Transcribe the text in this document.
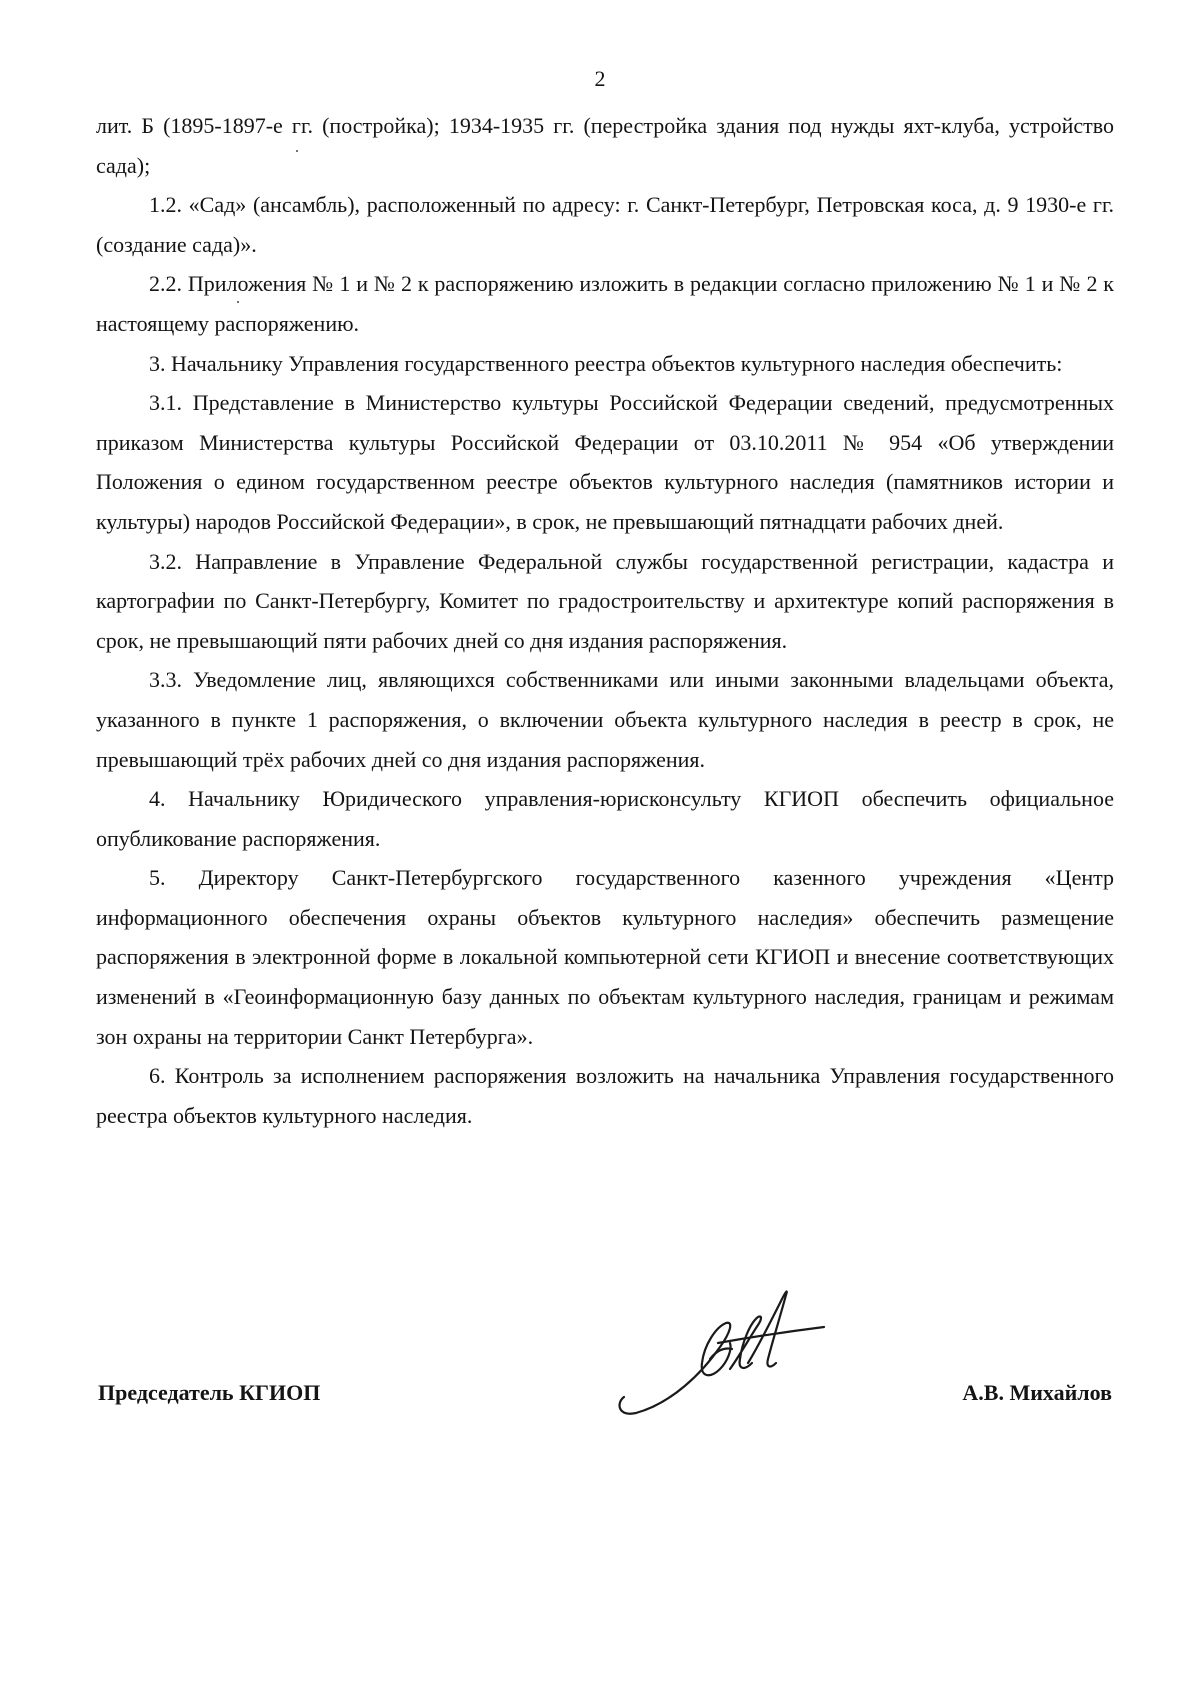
2

лит. Б (1895-1897-е гг. (постройка); 1934-1935 гг. (перестройка здания под нужды яхт-клуба, устройство сада);

1.2. «Сад» (ансамбль), расположенный по адресу: г. Санкт-Петербург, Петровская коса, д. 9 1930-е гг. (создание сада)».

2.2. Приложения № 1 и № 2 к распоряжению изложить в редакции согласно приложению № 1 и № 2 к настоящему распоряжению.

3. Начальнику Управления государственного реестра объектов культурного наследия обеспечить:

3.1. Представление в Министерство культуры Российской Федерации сведений, предусмотренных приказом Министерства культуры Российской Федерации от 03.10.2011 № 954 «Об утверждении Положения о едином государственном реестре объектов культурного наследия (памятников истории и культуры) народов Российской Федерации», в срок, не превышающий пятнадцати рабочих дней.

3.2. Направление в Управление Федеральной службы государственной регистрации, кадастра и картографии по Санкт-Петербургу, Комитет по градостроительству и архитектуре копий распоряжения в срок, не превышающий пяти рабочих дней со дня издания распоряжения.

3.3. Уведомление лиц, являющихся собственниками или иными законными владельцами объекта, указанного в пункте 1 распоряжения, о включении объекта культурного наследия в реестр в срок, не превышающий трёх рабочих дней со дня издания распоряжения.

4. Начальнику Юридического управления-юрисконсульту КГИОП обеспечить официальное опубликование распоряжения.

5. Директору Санкт-Петербургского государственного казенного учреждения «Центр информационного обеспечения охраны объектов культурного наследия» обеспечить размещение распоряжения в электронной форме в локальной компьютерной сети КГИОП и внесение соответствующих изменений в «Геоинформационную базу данных по объектам культурного наследия, границам и режимам зон охраны на территории Санкт Петербурга».

6. Контроль за исполнением распоряжения возложить на начальника Управления государственного реестра объектов культурного наследия.

Председатель КГИОП	А.В. Михайлов
